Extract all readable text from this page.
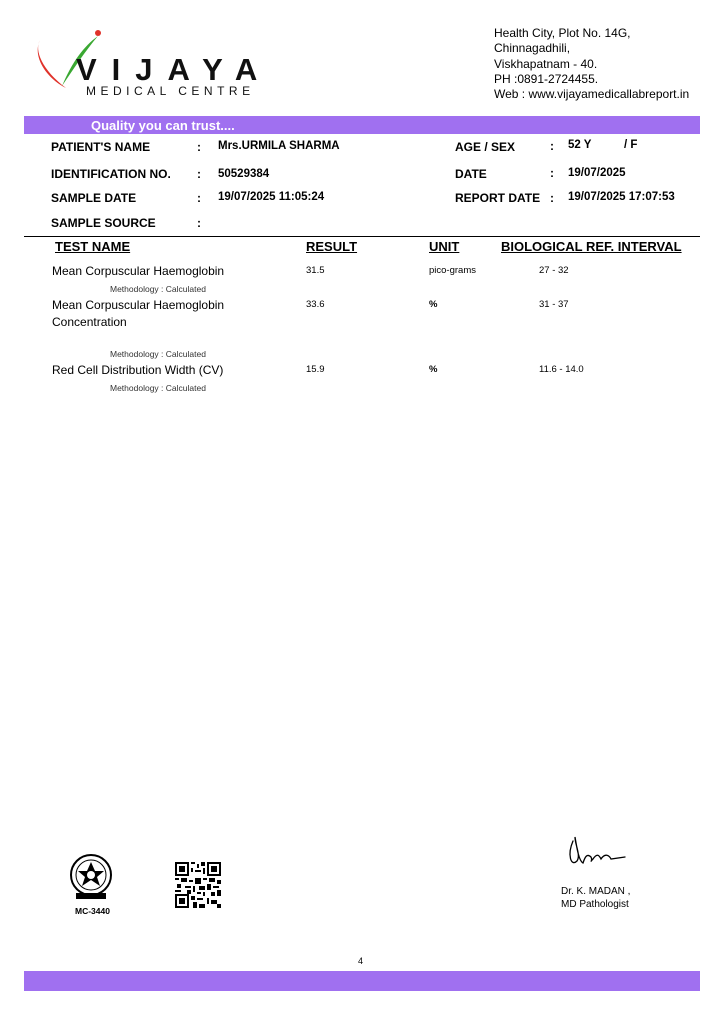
VIJAYA
MEDICAL CENTRE
Health City, Plot No. 14G,
Chinnagadhili,
Viskhapatnam - 40.
PH :0891-2724455.
Web : www.vijayamedicallabreport.in
Quality you can trust....
PATIENT'S NAME	: Mrs.URMILA SHARMA
IDENTIFICATION NO. : 50529384
SAMPLE DATE	: 19/07/2025 11:05:24
SAMPLE SOURCE	:
AGE / SEX	: 52 Y	/ F
DATE	: 19/07/2025
REPORT DATE : 19/07/2025 17:07:53
TEST NAME	RESULT	UNIT	BIOLOGICAL REF. INTERVAL
Mean Corpuscular Haemoglobin	31.5	pico-grams	27 - 32
Methodology : Calculated
Mean Corpuscular Haemoglobin Concentration
33.6	%	31 - 37
Methodology : Calculated
Red Cell Distribution Width (CV)	15.9	%	11.6 - 14.0
Methodology : Calculated
MC-3440
Dr. K. MADAN ,
MD Pathologist
4
